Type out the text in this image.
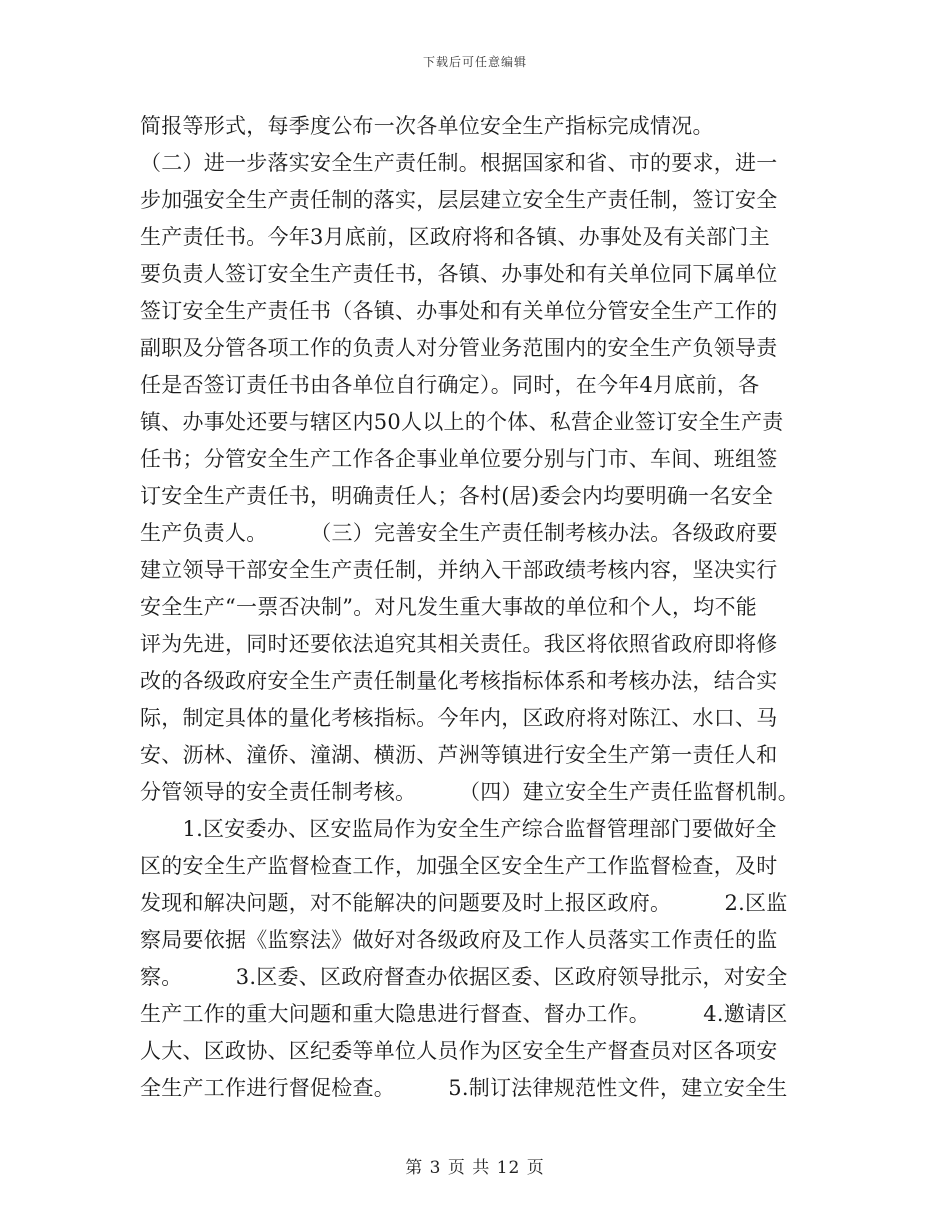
下载后可任意编辑
简报等形式，每季度公布一次各单位安全生产指标完成情况。
（二）进一步落实安全生产责任制。根据国家和省、市的要求，进一
步加强安全生产责任制的落实，层层建立安全生产责任制，签订安全
生产责任书。今年3月底前，区政府将和各镇、办事处及有关部门主
要负责人签订安全生产责任书，各镇、办事处和有关单位同下属单位
签订安全生产责任书（各镇、办事处和有关单位分管安全生产工作的
副职及分管各项工作的负责人对分管业务范围内的安全生产负领导责
任是否签订责任书由各单位自行确定）。同时，在今年4月底前，各
镇、办事处还要与辖区内50人以上的个体、私营企业签订安全生产责
任书；分管安全生产工作各企事业单位要分别与门市、车间、班组签
订安全生产责任书，明确责任人；各村(居)委会内均要明确一名安全
生产负责人。　　　（三）完善安全生产责任制考核办法。各级政府要
建立领导干部安全生产责任制，并纳入干部政绩考核内容，坚决实行
安全生产“一票否决制”。对凡发生重大事故的单位和个人，均不能
评为先进，同时还要依法追究其相关责任。我区将依照省政府即将修
改的各级政府安全生产责任制量化考核指标体系和考核办法，结合实
际，制定具体的量化考核指标。今年内，区政府将对陈江、水口、马
安、沥林、潼侨、潼湖、横沥、芦洲等镇进行安全生产第一责任人和
分管领导的安全责任制考核。　　　（四）建立安全生产责任监督机制。
　　1.区安委办、区安监局作为安全生产综合监督管理部门要做好全
区的安全生产监督检查工作，加强全区安全生产工作监督检查，及时
发现和解决问题，对不能解决的问题要及时上报区政府。　　　2.区监
察局要依据《监察法》做好对各级政府及工作人员落实工作责任的监
察。　　　3.区委、区政府督查办依据区委、区政府领导批示，对安全
生产工作的重大问题和重大隐患进行督查、督办工作。　　　4.邀请区
人大、区政协、区纪委等单位人员作为区安全生产督查员对区各项安
全生产工作进行督促检查。　　　5.制订法律规范性文件，建立安全生
第 3 页 共 12 页
